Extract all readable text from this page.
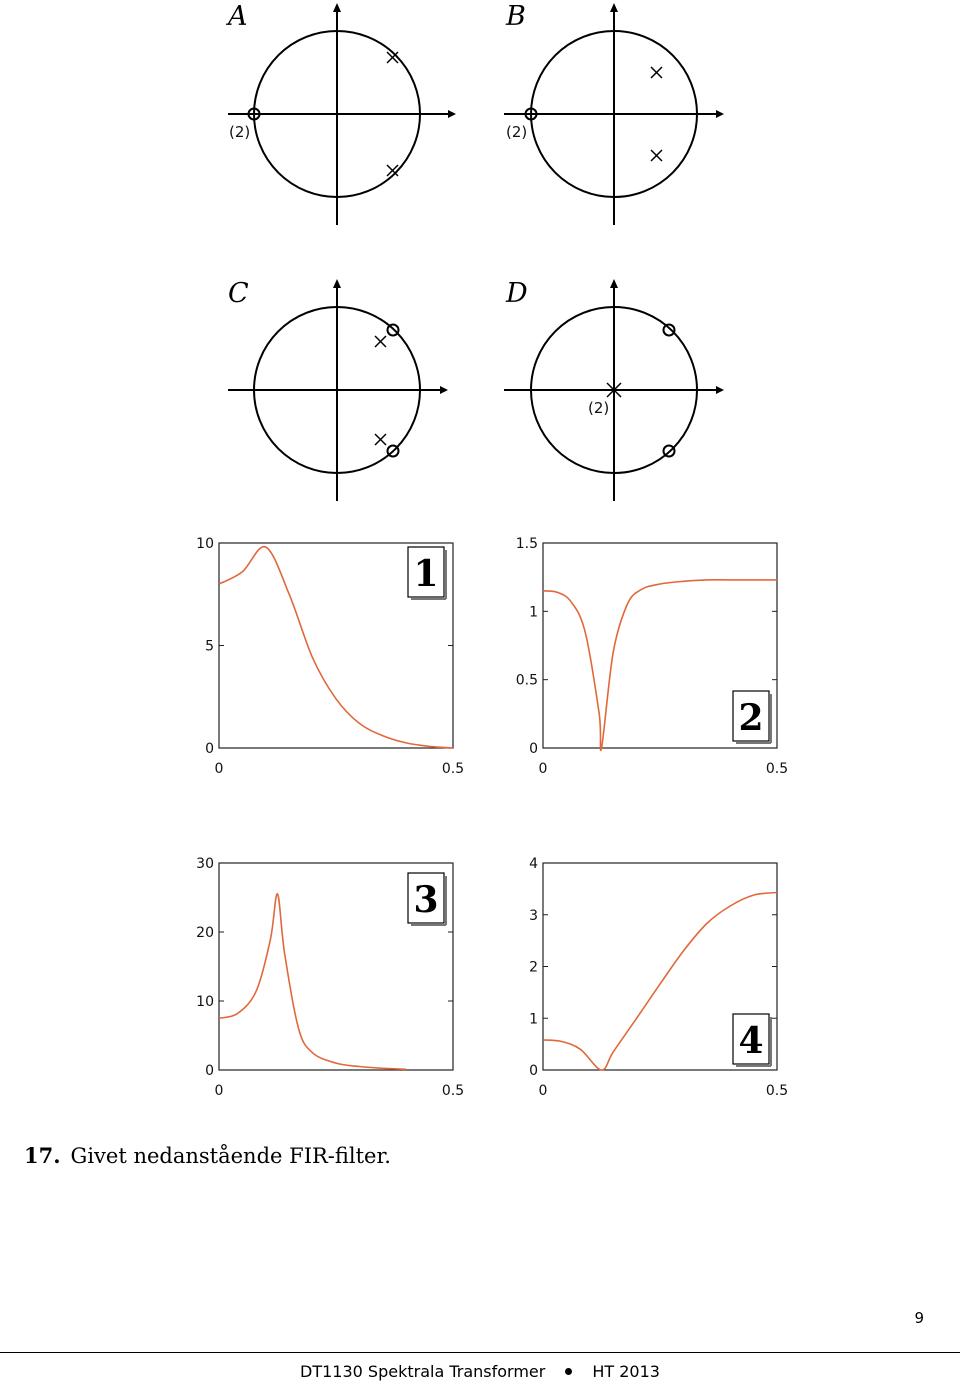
A
(2)
B
(2)
C	D
(2)
0
5
10
0	0.5
1
0
0.5
1
1.5
0	0.5
2
0
10
20
30
0	0.5
3
0
1
2
3
4
0	0.5
4

17. Givet nedanstående FIR-filter.

9
DT1130 Spektrala Transformer	HT 2013
